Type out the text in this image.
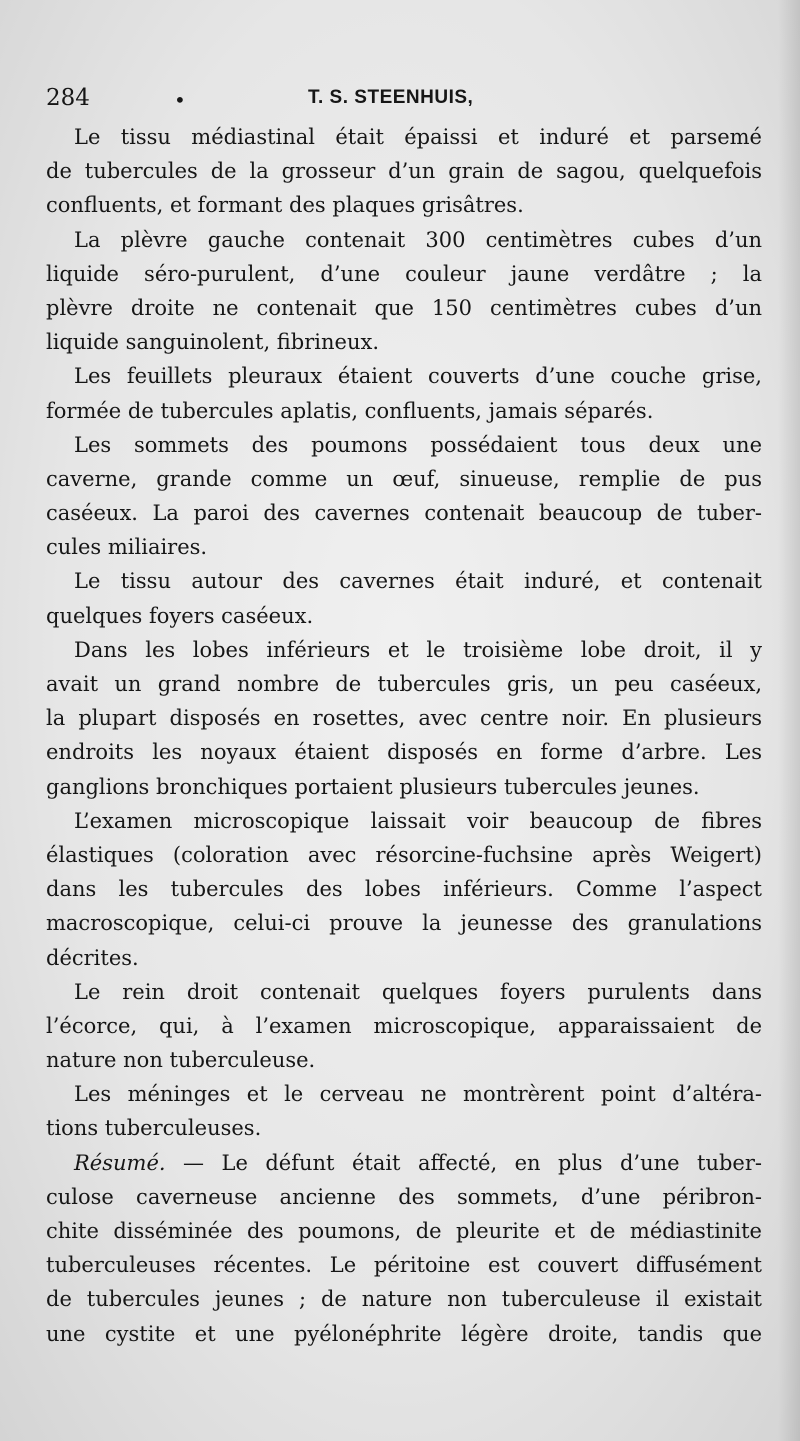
284	•	T. S. STEENHUIS,
Le tissu médiastinal était épaissi et induré et parsemé
de tubercules de la grosseur d’un grain de sagou, quelquefois
confluents, et formant des plaques grisâtres.
La plèvre gauche contenait 300 centimètres cubes d’un
liquide séro-purulent, d’une couleur jaune verdâtre ; la
plèvre droite ne contenait que 150 centimètres cubes d’un
liquide sanguinolent, fibrineux.
Les feuillets pleuraux étaient couverts d’une couche grise,
formée de tubercules aplatis, confluents, jamais séparés.
Les sommets des poumons possédaient tous deux une
caverne, grande comme un œuf, sinueuse, remplie de pus
caséeux. La paroi des cavernes contenait beaucoup de tuber-
cules miliaires.
Le tissu autour des cavernes était induré, et contenait
quelques foyers caséeux.
Dans les lobes inférieurs et le troisième lobe droit, il y
avait un grand nombre de tubercules gris, un peu caséeux,
la plupart disposés en rosettes, avec centre noir. En plusieurs
endroits les noyaux étaient disposés en forme d’arbre. Les
ganglions bronchiques portaient plusieurs tubercules jeunes.
L’examen microscopique laissait voir beaucoup de fibres
élastiques (coloration avec résorcine-fuchsine après Weigert)
dans les tubercules des lobes inférieurs. Comme l’aspect
macroscopique, celui-ci prouve la jeunesse des granulations
décrites.
Le rein droit contenait quelques foyers purulents dans
l’écorce, qui, à l’examen microscopique, apparaissaient de
nature non tuberculeuse.
Les méninges et le cerveau ne montrèrent point d’altéra-
tions tuberculeuses.
Résumé. — Le défunt était affecté, en plus d’une tuber-
culose caverneuse ancienne des sommets, d’une péribron-
chite disséminée des poumons, de pleurite et de médiastinite
tuberculeuses récentes. Le péritoine est couvert diffusément
de tubercules jeunes ; de nature non tuberculeuse il existait
une cystite et une pyélonéphrite légère droite, tandis que
